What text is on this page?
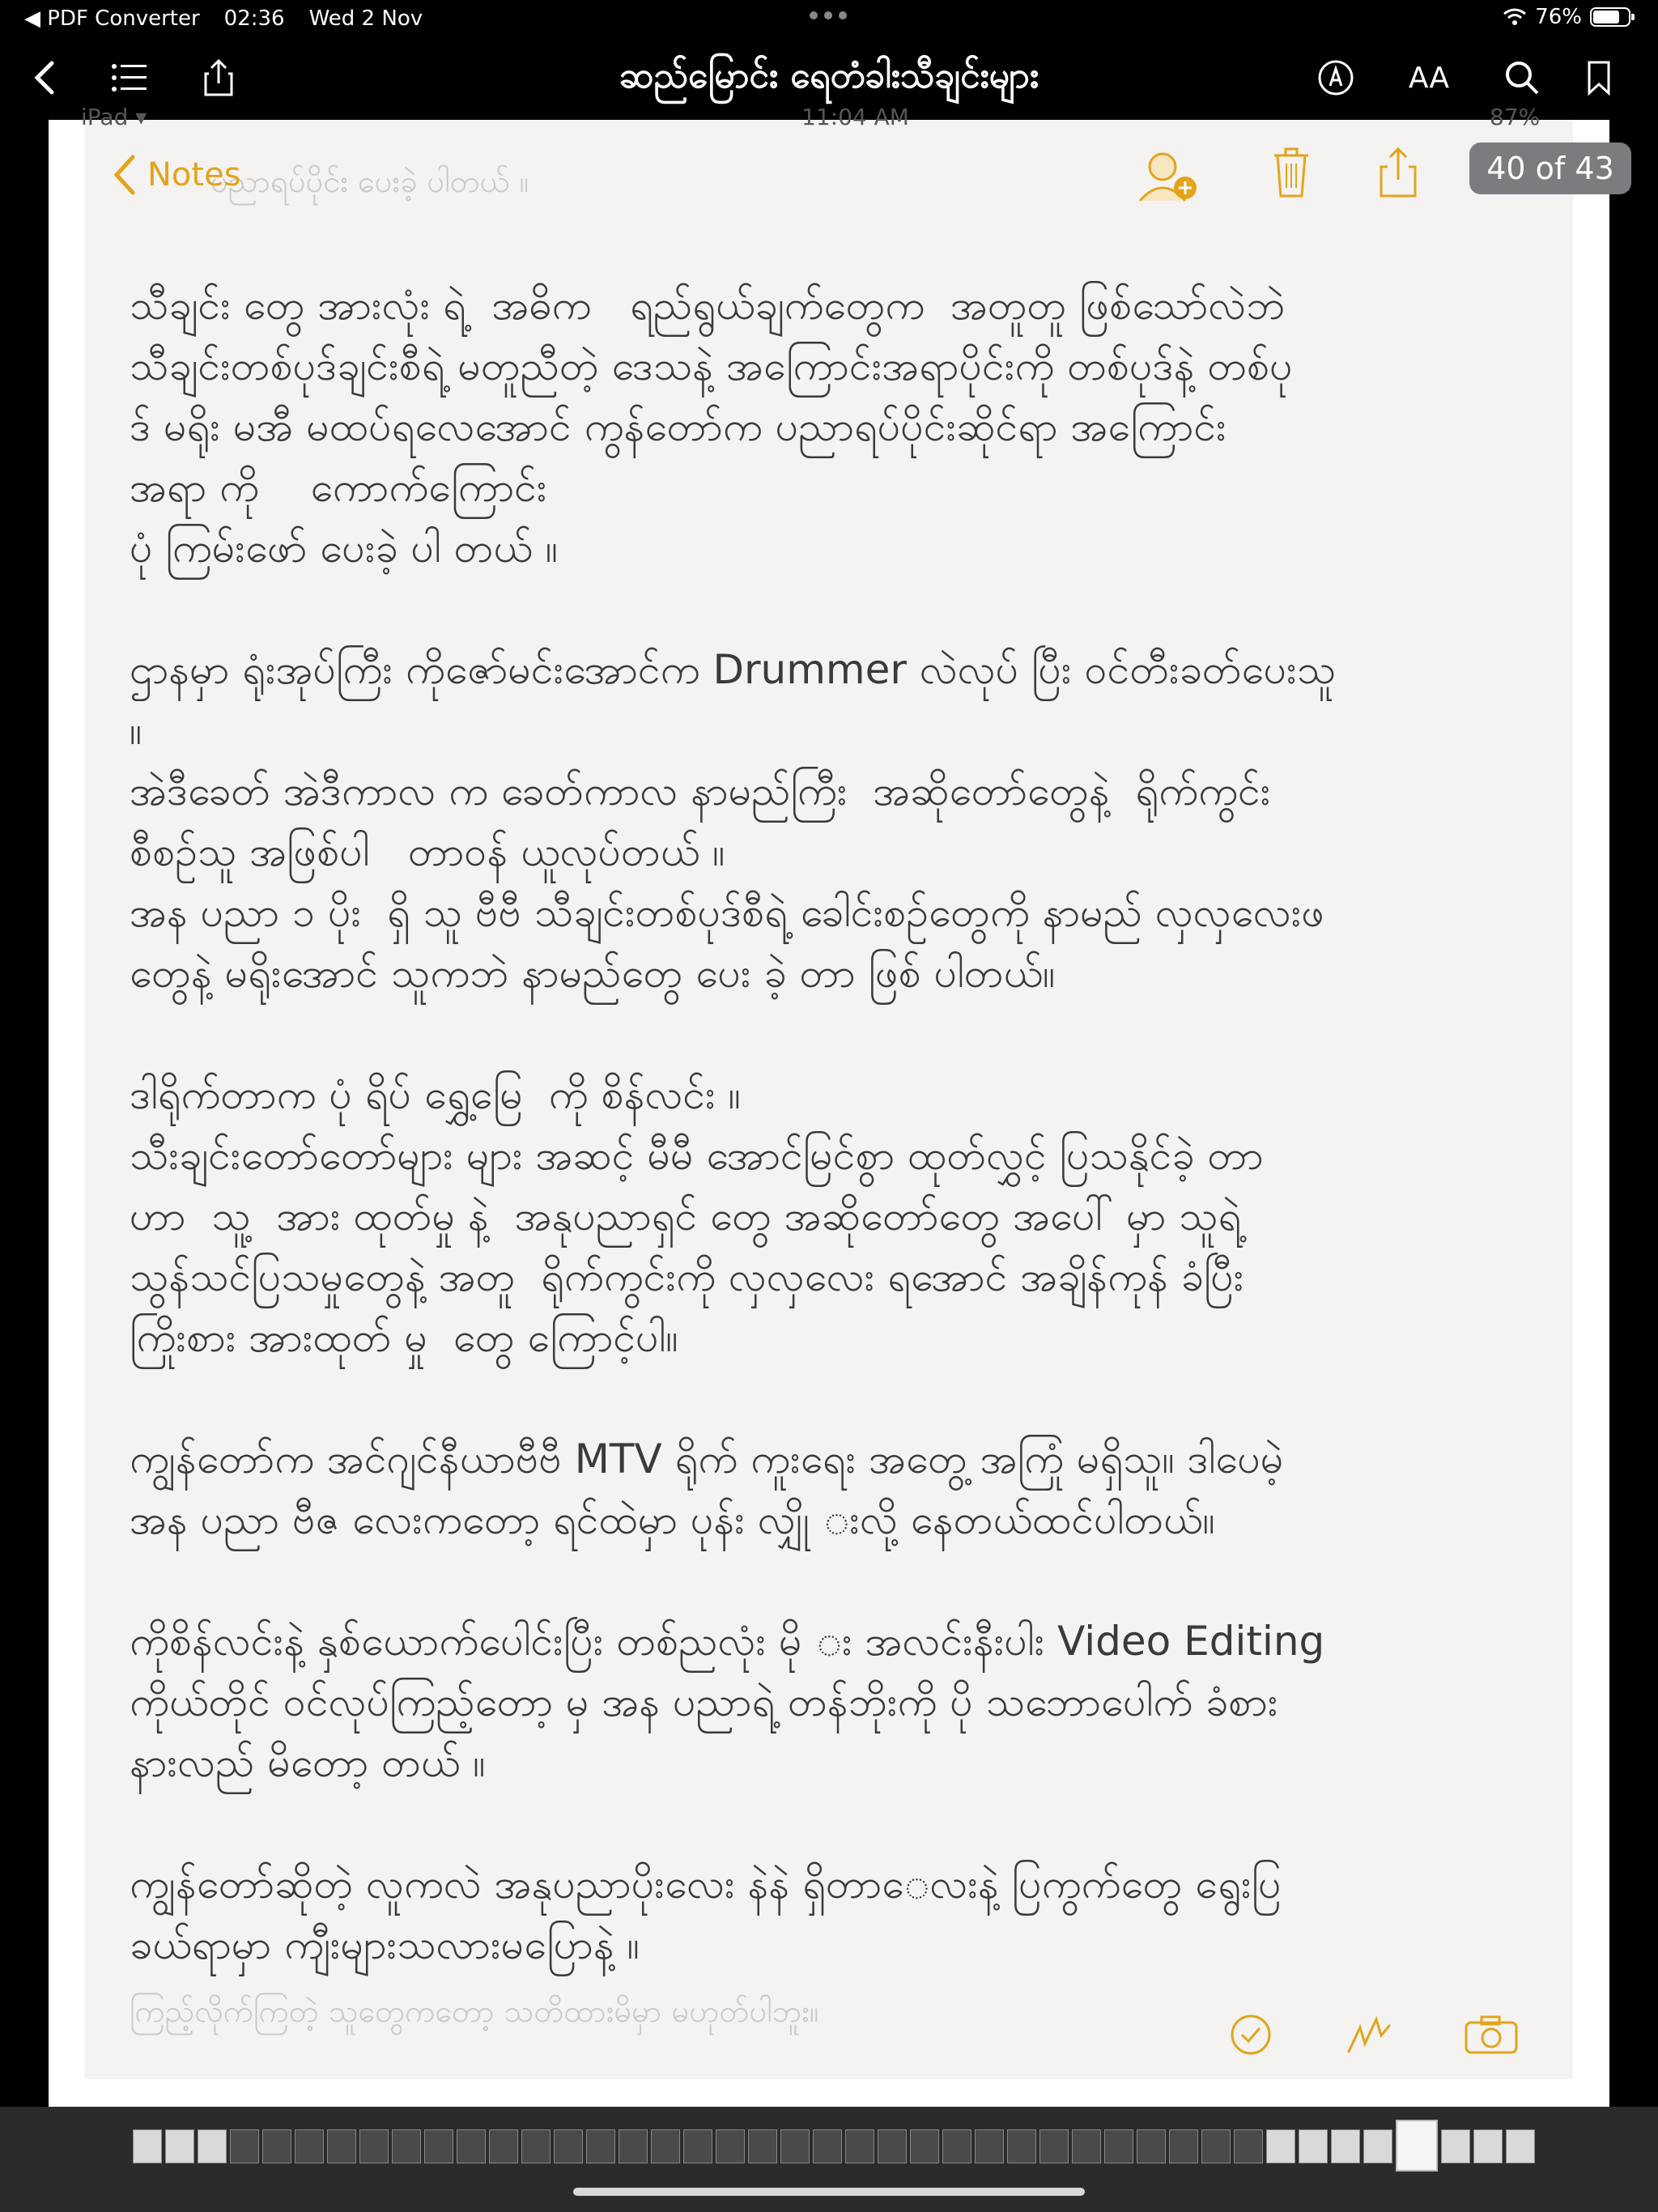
◀ PDF Converter 02:36 Wed 2 Nov	76%
ဆည်မြောင်း ရေတံခါးသီချင်းများ	AA
iPad ▾	11:04 AM	87%
ပညာရပ်ပိုင်း ပေးခဲ့ ပါတယ် ။
Notes	40 of 43

သီချင်း တွေ အားလုံး ရဲ့  အဓိက   ရည်ရွယ်ချက်တွေက  အတူတူ ဖြစ်သော်လဲဘဲ
သီချင်းတစ်ပုဒ်ချင်းစီရဲ့ မတူညီတဲ့ ဒေသနဲ့ အကြောင်းအရာပိုင်းကို တစ်ပုဒ်နဲ့ တစ်ပု
ဒ် မရိုး မအီ မထပ်ရလေအောင် ကွန်တော်က ပညာရပ်ပိုင်းဆိုင်ရာ အကြောင်း
အရာ ကို    ကောက်ကြောင်း
ပုံ ကြမ်းဖော် ပေးခဲ့ ပါ တယ် ။

ဌာနမှာ ရုံးအုပ်ကြီး ကိုဇော်မင်းအောင်က Drummer လဲလုပ် ပြီး ဝင်တီးခတ်ပေးသူ
။
အဲဒီခေတ် အဲဒီကာလ က ခေတ်ကာလ နာမည်ကြီး  အဆိုတော်တွေနဲ့  ရိုက်ကွင်း
စီစဉ်သူ အဖြစ်ပါ   တာဝန် ယူလုပ်တယ် ။
အန ပညာ ၁ ပိုး  ရှိ သူ ဗီဗီ သီချင်းတစ်ပုဒ်စီရဲ့ ခေါင်းစဉ်တွေကို နာမည် လှလှလေးဖ
တွေနဲ့ မရိုးအောင် သူကဘဲ နာမည်တွေ ပေး ခဲ့ တာ ဖြစ် ပါတယ်။

ဒါရိုက်တာက ပုံ ရိပ် ရွှေ့မြေ  ကို စိန်လင်း ။
သီးချင်းတော်တော်များ များ အဆင့် မီမီ အောင်မြင်စွာ ထုတ်လွှင့် ပြသနိုင်ခဲ့ တာ
ဟာ  သူ့  အား ထုတ်မှု နဲ့  အနုပညာရှင် တွေ အဆိုတော်တွေ အပေါ် မှာ သူရဲ့
သွန်သင်ပြသမှုတွေနဲ့ အတူ  ရိုက်ကွင်းကို လှလှလေး ရအောင် အချိန်ကုန် ခံပြီး
ကြိုးစား အားထုတ် မှု  တွေ ကြောင့်ပါ။

ကျွန်တော်က အင်ဂျင်နီယာဗီဗီ MTV ရိုက် ကူးရေး အတွေ့ အကြုံ မရှိသူ။ ဒါပေမဲ့
အန ပညာ ဗီဇ လေးကတော့ ရင်ထဲမှာ ပုန်း လျှို းလို့ နေတယ်ထင်ပါတယ်။

ကိုစိန်လင်းနဲ့ နှစ်ယောက်ပေါင်းပြီး တစ်ညလုံး မို း အလင်းနီးပါး Video Editing
ကိုယ်တိုင် ဝင်လုပ်ကြည့်တော့ မှ အန ပညာရဲ့ တန်ဘိုးကို ပို သဘောပေါက် ခံစား
နားလည် မိတော့ တယ် ။

ကျွန်တော်ဆိုတဲ့ လူကလဲ အနုပညာပိုးလေး နဲနဲ ရှိတာေလးနဲ့ ပြကွက်တွေ ရွေးပြ
ခယ်ရာမှာ ကျီးများသလားမပြောနဲ့ ။

ကြည့်လိုက်ကြတဲ့ သူတွေကတော့ သတိထားမိမှာ မဟုတ်ပါဘူး။
